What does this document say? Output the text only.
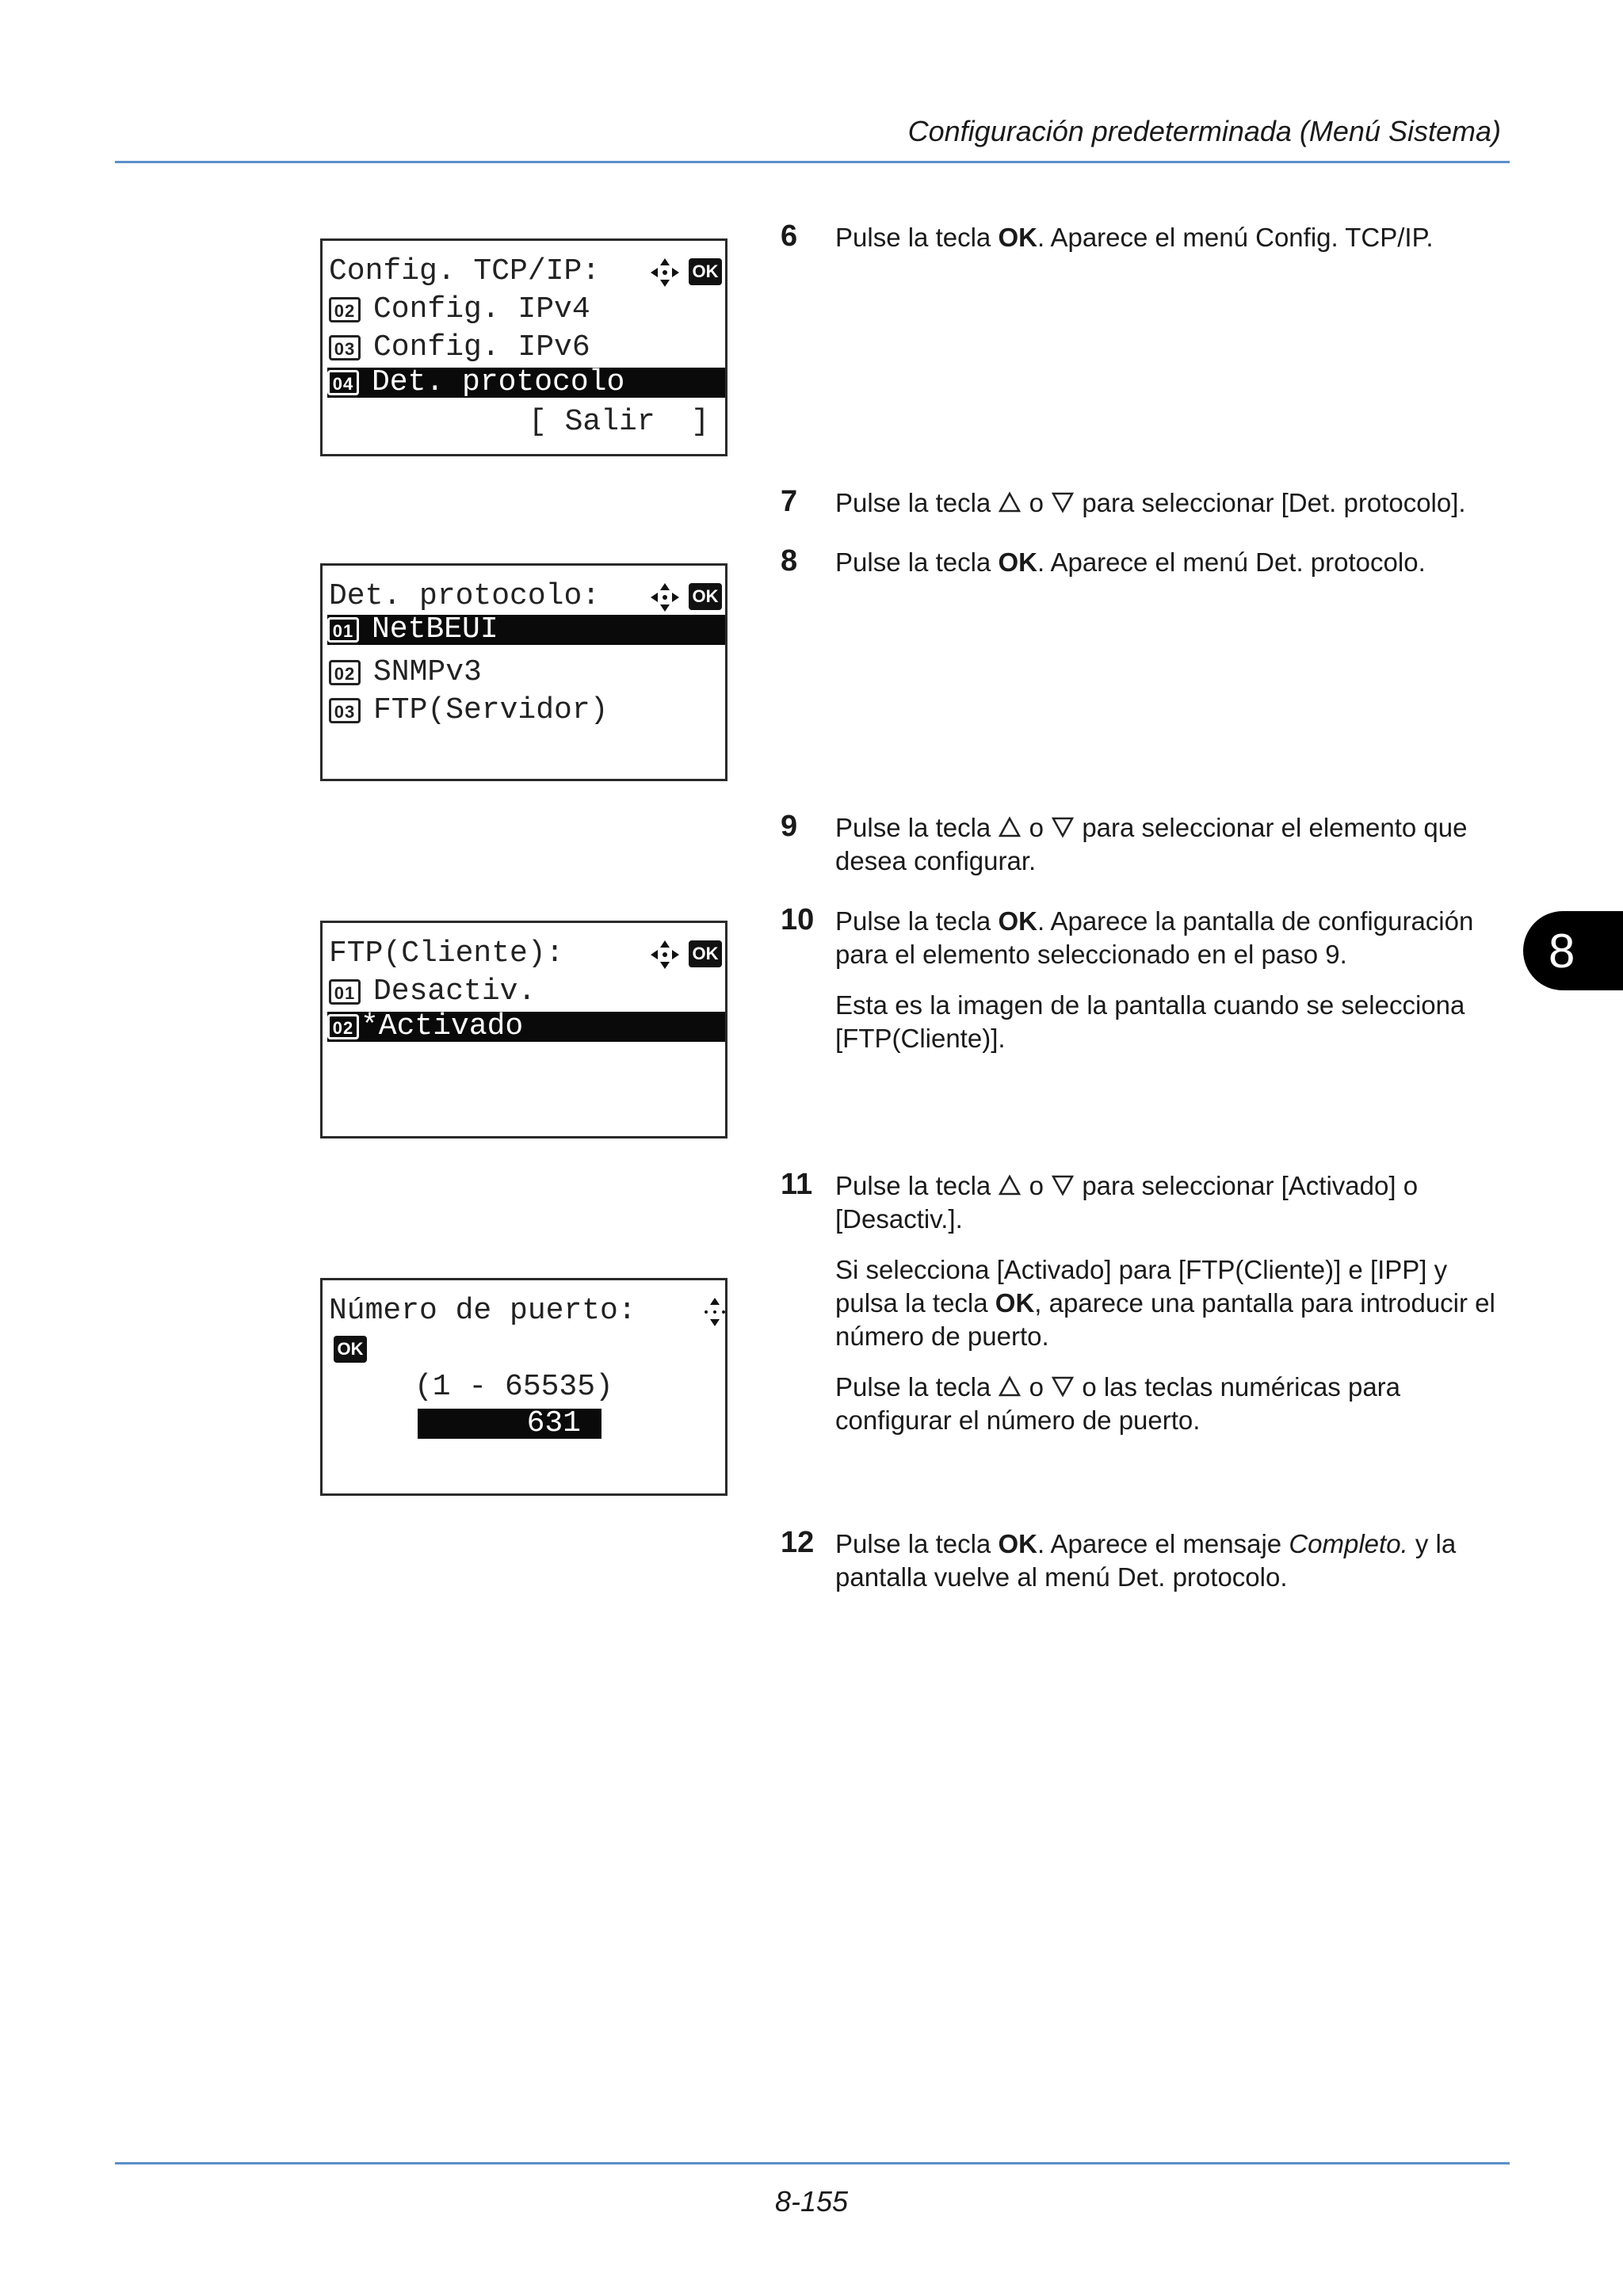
Configuración predeterminada (Menú Sistema)
8
Config. TCP/IP:	OK
02 Config. IPv4
03 Config. IPv6
04 Det. protocolo
[ Salir  ]
Det. protocolo:	OK
01 NetBEUI
02 SNMPv3
03 FTP(Servidor)
FTP(Cliente):	OK
01 Desactiv.
02 *Activado
Número de puerto:
OK
(1 - 65535)
631
6 Pulse la tecla OK. Aparece el menú Config. TCP/IP.

7 Pulse la tecla  o  para seleccionar [Det. protocolo].

8 Pulse la tecla OK. Aparece el menú Det. protocolo.

9 Pulse la tecla  o  para seleccionar el elemento que desea configurar.

10 Pulse la tecla OK. Aparece la pantalla de configuración para el elemento seleccionado en el paso 9.

Esta es la imagen de la pantalla cuando se selecciona [FTP(Cliente)].

11 Pulse la tecla  o  para seleccionar [Activado] o [Desactiv.].

Si selecciona [Activado] para [FTP(Cliente)] e [IPP] y pulsa la tecla OK, aparece una pantalla para introducir el número de puerto.

Pulse la tecla  o  o las teclas numéricas para configurar el número de puerto.

12 Pulse la tecla OK. Aparece el mensaje Completo. y la pantalla vuelve al menú Det. protocolo.

8-155
